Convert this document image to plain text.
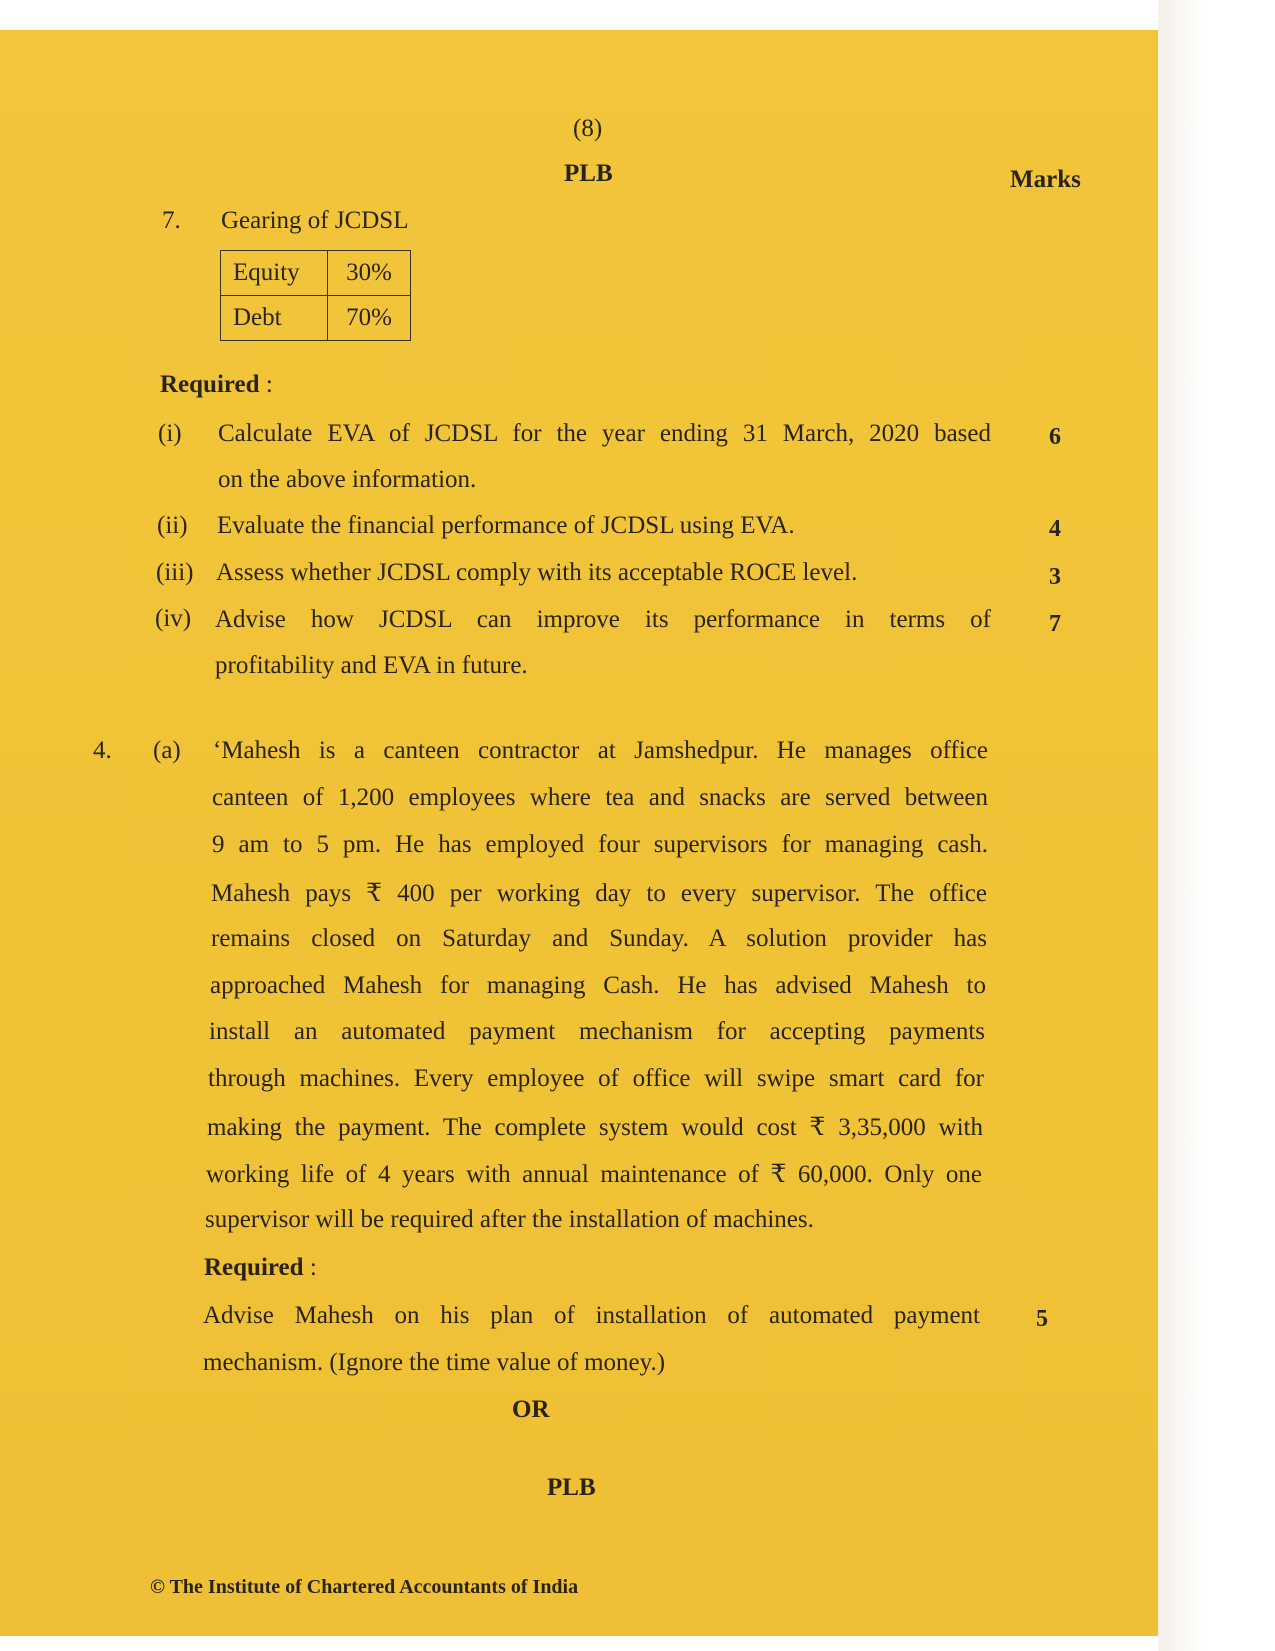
(8)
PLB	Marks
7. Gearing of JCDSL
Equity	30%
Debt	70%
Required :
(i) Calculate EVA of JCDSL for the year ending 31 March, 2020 based
on the above information.
6
(ii) Evaluate the financial performance of JCDSL using EVA.	4
(iii) Assess whether JCDSL comply with its acceptable ROCE level.	3
(iv) Advise how JCDSL can improve its performance in terms of
profitability and EVA in future.
7
4. (a) ‘Mahesh is a canteen contractor at Jamshedpur. He manages office
canteen of 1,200 employees where tea and snacks are served between
9 am to 5 pm. He has employed four supervisors for managing cash.
Mahesh pays ₹ 400 per working day to every supervisor. The office
remains closed on Saturday and Sunday. A solution provider has
approached Mahesh for managing Cash. He has advised Mahesh to
install an automated payment mechanism for accepting payments
through machines. Every employee of office will swipe smart card for
making the payment. The complete system would cost ₹ 3,35,000 with
working life of 4 years with annual maintenance of ₹ 60,000. Only one
supervisor will be required after the installation of machines.
Required :
Advise Mahesh on his plan of installation of automated payment
mechanism. (Ignore the time value of money.)
5
OR
PLB
© The Institute of Chartered Accountants of India
